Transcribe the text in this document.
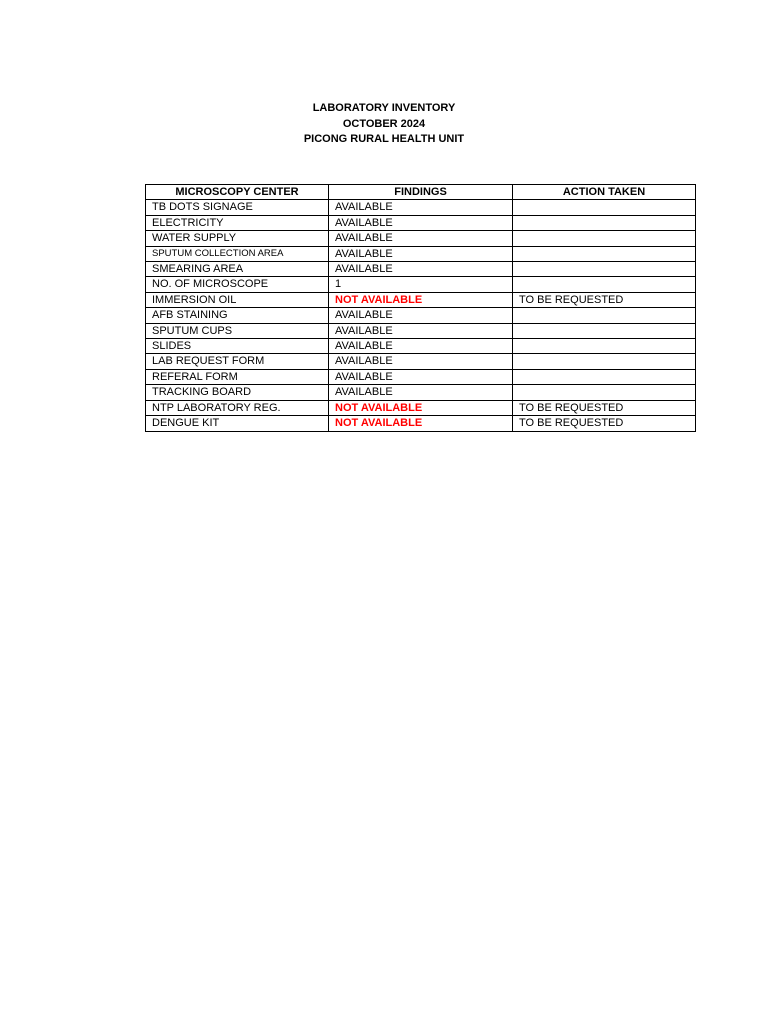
LABORATORY INVENTORY
OCTOBER 2024
PICONG RURAL HEALTH UNIT
MICROSCOPY CENTER	FINDINGS	ACTION TAKEN
TB DOTS SIGNAGE	AVAILABLE	
ELECTRICITY	AVAILABLE	
WATER SUPPLY	AVAILABLE	
SPUTUM COLLECTION AREA	AVAILABLE	
SMEARING AREA	AVAILABLE	
NO. OF MICROSCOPE	1	
IMMERSION OIL	NOT AVAILABLE	TO BE REQUESTED
AFB STAINING	AVAILABLE	
SPUTUM CUPS	AVAILABLE	
SLIDES	AVAILABLE	
LAB REQUEST FORM	AVAILABLE	
REFERAL FORM	AVAILABLE	
TRACKING BOARD	AVAILABLE	
NTP LABORATORY REG.	NOT AVAILABLE	TO BE REQUESTED
DENGUE KIT	NOT AVAILABLE	TO BE REQUESTED
